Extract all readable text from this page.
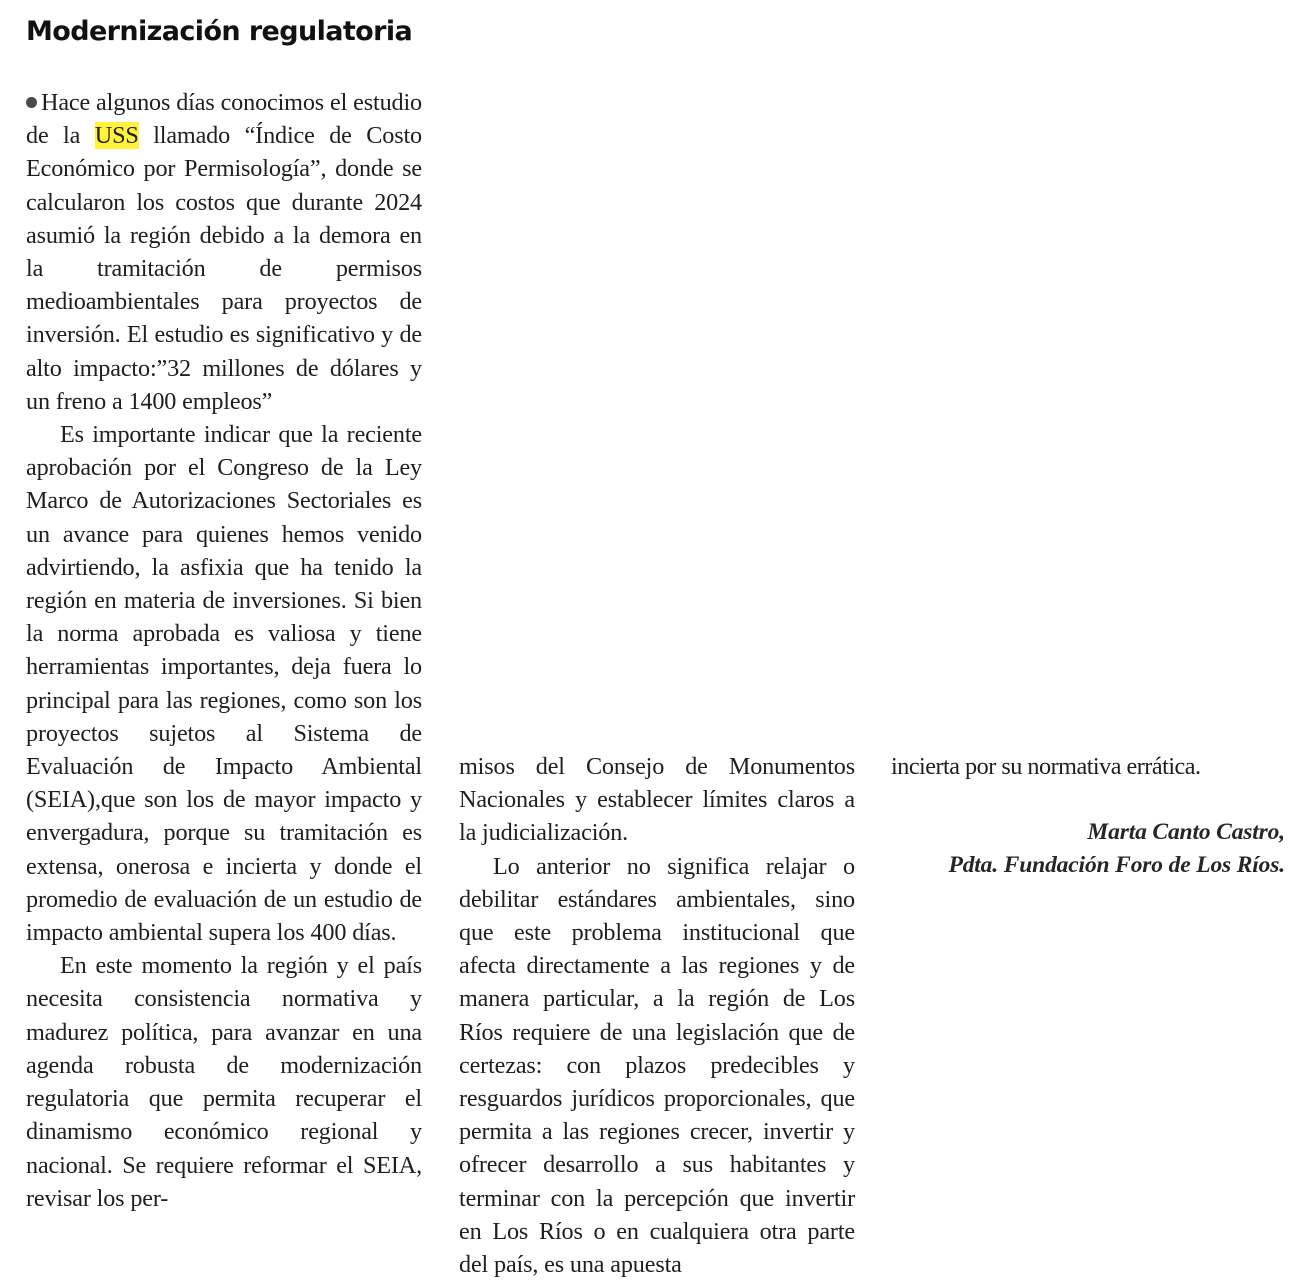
Modernización regulatoria

Hace algunos días conocimos el estudio de la USS llamado “Índice de Costo Económico por Permisología”, donde se calcularon los costos que durante 2024 asumió la región debido a la demora en la tramitación de permisos medioambientales para proyectos de inversión. El estudio es significativo y de alto impacto:”32 millones de dólares y un freno a 1400 empleos”

Es importante indicar que la reciente aprobación por el Congreso de la Ley Marco de Autorizaciones Sectoriales es un avance para quienes hemos venido advirtiendo, la asfixia que ha tenido la región en materia de inversiones. Si bien la norma aprobada es valiosa y tiene herramientas importantes, deja fuera lo principal para las regiones, como son los proyectos sujetos al Sistema de Evaluación de Impacto Ambiental (SEIA),que son los de mayor impacto y envergadura, porque su tramitación es extensa, onerosa e incierta y donde el promedio de evaluación de un estudio de impacto ambiental supera los 400 días.

En este momento la región y el país necesita consistencia normativa y madurez política, para avanzar en una agenda robusta de modernización regulatoria que permita recuperar el dinamismo económico regional y nacional. Se requiere reformar el SEIA, revisar los per-

misos del Consejo de Monumentos Nacionales y establecer límites claros a la judicialización.

Lo anterior no significa relajar o debilitar estándares ambientales, sino que este problema institucional que afecta directamente a las regiones y de manera particular, a la región de Los Ríos requiere de una legislación que de certezas: con plazos predecibles y resguardos jurídicos proporcionales, que permita a las regiones crecer, invertir y ofrecer desarrollo a sus habitantes y terminar con la percepción que invertir en Los Ríos o en cualquiera otra parte del país, es una apuesta

incierta por su normativa errática.

Marta Canto Castro,
Pdta. Fundación Foro de Los Ríos.
